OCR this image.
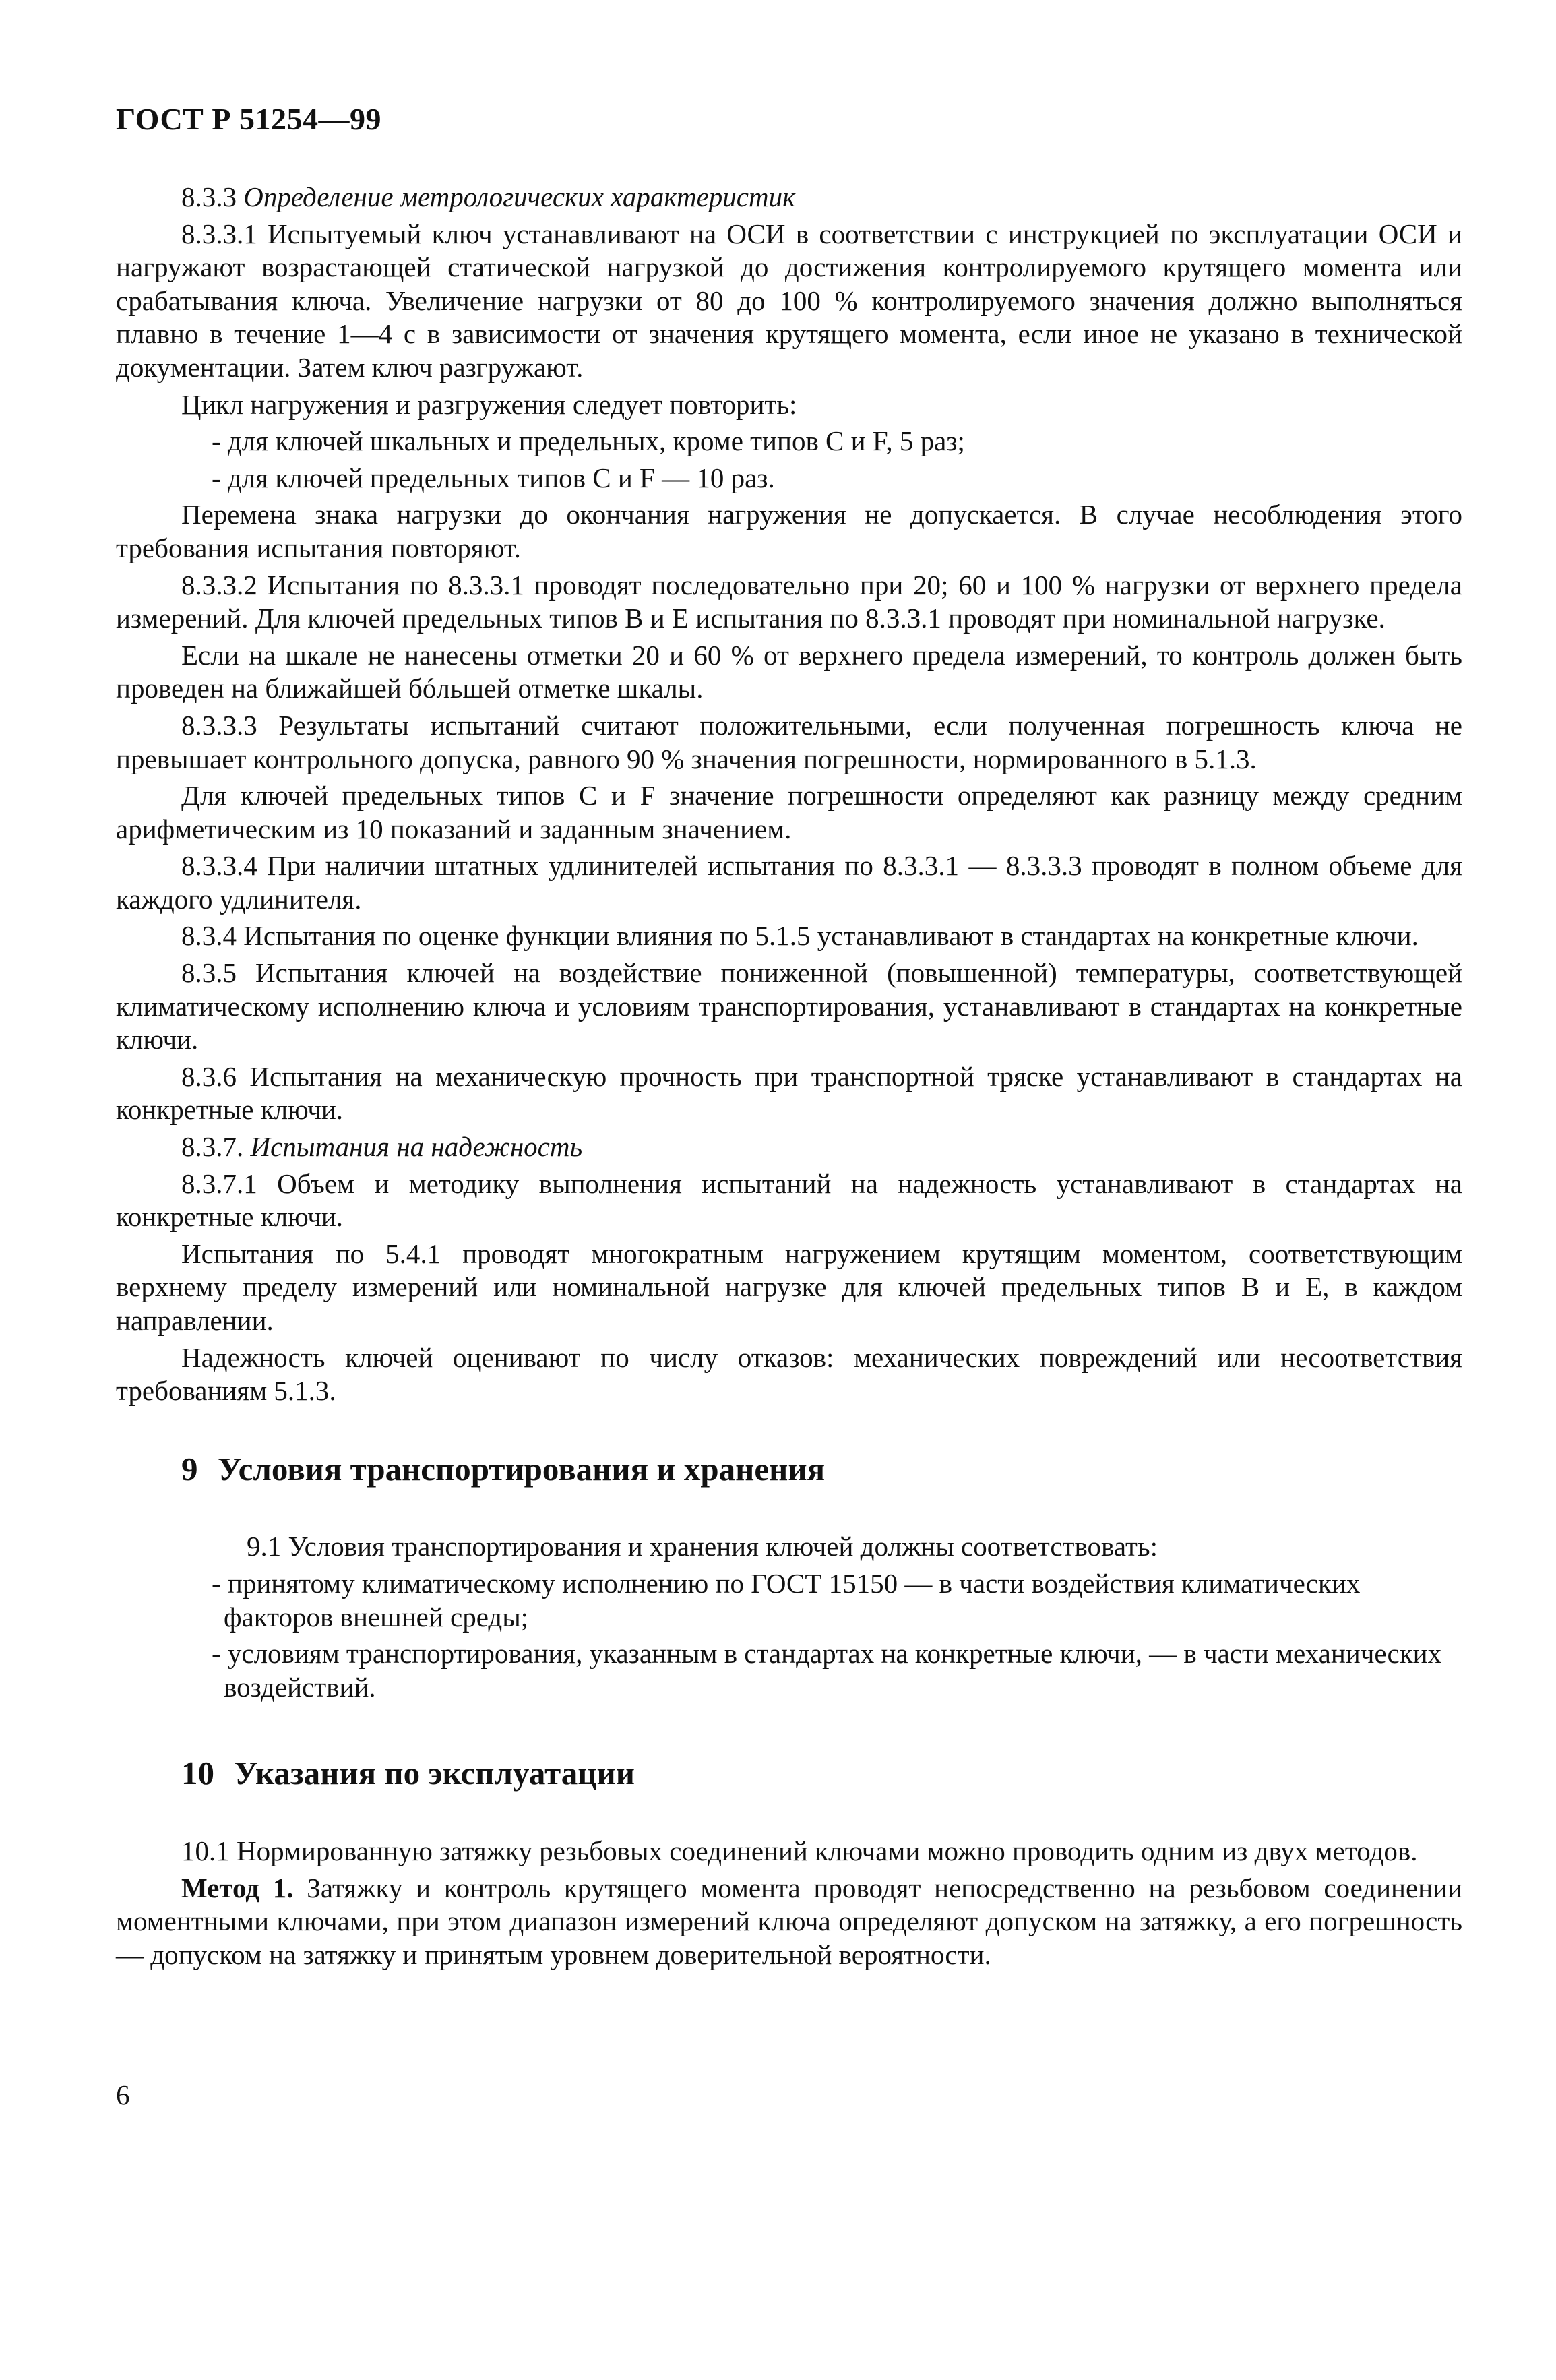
ГОСТ Р 51254—99

8.3.3 Определение метрологических характеристик

8.3.3.1 Испытуемый ключ устанавливают на ОСИ в соответствии с инструкцией по эксплуатации ОСИ и нагружают возрастающей статической нагрузкой до достижения контролируемого крутящего момента или срабатывания ключа. Увеличение нагрузки от 80 до 100 % контролируемого значения должно выполняться плавно в течение 1—4 с в зависимости от значения крутящего момента, если иное не указано в технической документации. Затем ключ разгружают.

Цикл нагружения и разгружения следует повторить:

- для ключей шкальных и предельных, кроме типов С и F, 5 раз;
- для ключей предельных типов С и F — 10 раз.

Перемена знака нагрузки до окончания нагружения не допускается. В случае несоблюдения этого требования испытания повторяют.

8.3.3.2 Испытания по 8.3.3.1 проводят последовательно при 20; 60 и 100 % нагрузки от верхнего предела измерений. Для ключей предельных типов В и Е испытания по 8.3.3.1 проводят при номинальной нагрузке.

Если на шкале не нанесены отметки 20 и 60 % от верхнего предела измерений, то контроль должен быть проведен на ближайшей бóльшей отметке шкалы.

8.3.3.3 Результаты испытаний считают положительными, если полученная погрешность ключа не превышает контрольного допуска, равного 90 % значения погрешности, нормированного в 5.1.3.

Для ключей предельных типов С и F значение погрешности определяют как разницу между средним арифметическим из 10 показаний и заданным значением.

8.3.3.4 При наличии штатных удлинителей испытания по 8.3.3.1 — 8.3.3.3 проводят в полном объеме для каждого удлинителя.

8.3.4 Испытания по оценке функции влияния по 5.1.5 устанавливают в стандартах на конкретные ключи.

8.3.5 Испытания ключей на воздействие пониженной (повышенной) температуры, соответствующей климатическому исполнению ключа и условиям транспортирования, устанавливают в стандартах на конкретные ключи.

8.3.6 Испытания на механическую прочность при транспортной тряске устанавливают в стандартах на конкретные ключи.

8.3.7. Испытания на надежность

8.3.7.1 Объем и методику выполнения испытаний на надежность устанавливают в стандартах на конкретные ключи.

Испытания по 5.4.1 проводят многократным нагружением крутящим моментом, соответствующим верхнему пределу измерений или номинальной нагрузке для ключей предельных типов В и Е, в каждом направлении.

Надежность ключей оценивают по числу отказов: механических повреждений или несоответствия требованиям 5.1.3.

9 Условия транспортирования и хранения

9.1 Условия транспортирования и хранения ключей должны соответствовать:

- принятому климатическому исполнению по ГОСТ 15150 — в части воздействия климатических факторов внешней среды;
- условиям транспортирования, указанным в стандартах на конкретные ключи, — в части механических воздействий.
10 Указания по эксплуатации

10.1 Нормированную затяжку резьбовых соединений ключами можно проводить одним из двух методов.

Метод 1. Затяжку и контроль крутящего момента проводят непосредственно на резьбовом соединении моментными ключами, при этом диапазон измерений ключа определяют допуском на затяжку, а его погрешность — допуском на затяжку и принятым уровнем доверительной вероятности.

6
